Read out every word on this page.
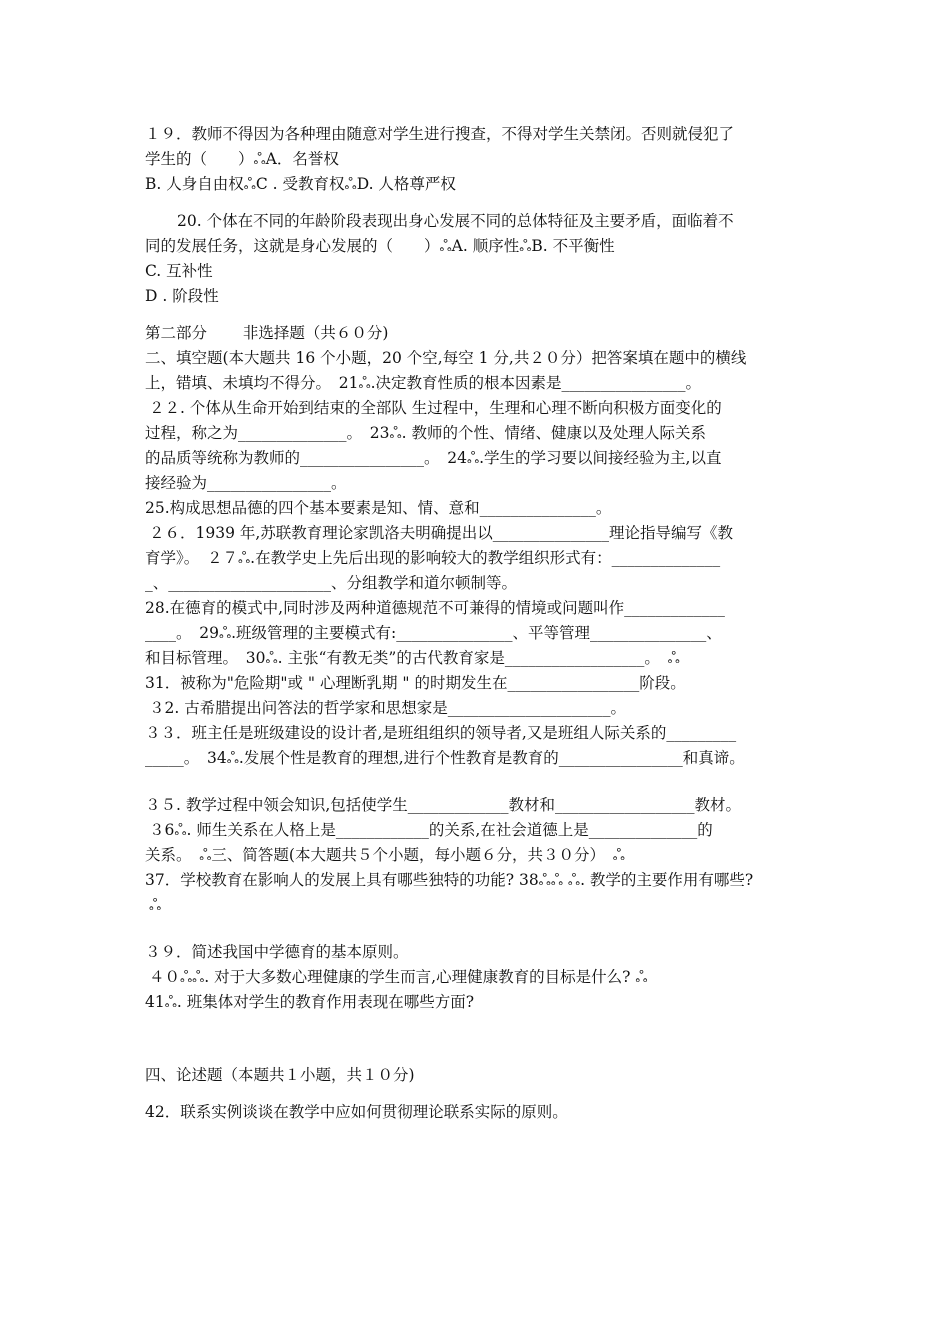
１９．教师不得因为各种理由随意对学生进行搜查，不得对学生关禁闭。否则就侵犯了
学生的（　　）ஃA．名誉权
B. 人身自由权ஃC . 受教育权ஃD. 人格尊严权
20. 个体在不同的年龄阶段表现出身心发展不同的总体特征及主要矛盾，面临着不
同的发展任务，这就是身心发展的（　　）ஃA. 顺序性ஃB. 不平衡性
C. 互补性
D . 阶段性
第二部分　　 非选择题（共６０分)
二、填空题(本大题共 16 个小题，20 个空,每空 1 分,共２０分）把答案填在题中的横线
上，错填、未填均不得分。　21ஃ.决定教育性质的根本因素是________________。
２２. 个体从生命开始到结束的全部队 生过程中，生理和心理不断向积极方面变化的
过程，称之为______________。　23ஃ. 教师的个性、情绪、健康以及处理人际关系
的品质等统称为教师的________________。　24ஃ.学生的学习要以间接经验为主,以直
接经验为________________。
25.构成思想品德的四个基本要素是知、情、意和_______________。
２６．1939 年,苏联教育理论家凯洛夫明确提出以_______________理论指导编写《教
育学》。　２７ஃ.在教学史上先后出现的影响较大的教学组织形式有：______________
_、_____________________、分组教学和道尔顿制等。
28.在德育的模式中,同时涉及两种道德规范不可兼得的情境或问题叫作_____________
____。　29ஃ.班级管理的主要模式有:_______________、平等管理_______________、
和目标管理。　30ஃ. 主张“有教无类”的古代教育家是__________________。　ஃ
31．被称为"危险期"或 " 心理断乳期 " 的时期发生在_________________阶段。
３2. 古希腊提出问答法的哲学家和思想家是_____________________。
３３．班主任是班级建设的设计者,是班组组织的领导者,又是班组人际关系的_________
_____。　34ஃ.发展个性是教育的理想,进行个性教育是教育的________________和真谛。
３５. 教学过程中领会知识,包括使学生_____________教材和__________________教材。
３6ஃ. 师生关系在人格上是____________的关系,在社会道德上是______________的
关系。　ஃ三、简答题(本大题共５个小题，每小题６分，共３０分）　ஃ
37．学校教育在影响人的发展上具有哪些独特的功能? 38ஃஃ ஃ. 教学的主要作用有哪些?
ஃ
３９．简述我国中学德育的基本原则。
４０ஃஃ. 对于大多数心理健康的学生而言,心理健康教育的目标是什么? ஃ
41ஃ. 班集体对学生的教育作用表现在哪些方面?
四、论述题（本题共１小题，共１０分)
42．联系实例谈谈在教学中应如何贯彻理论联系实际的原则。
